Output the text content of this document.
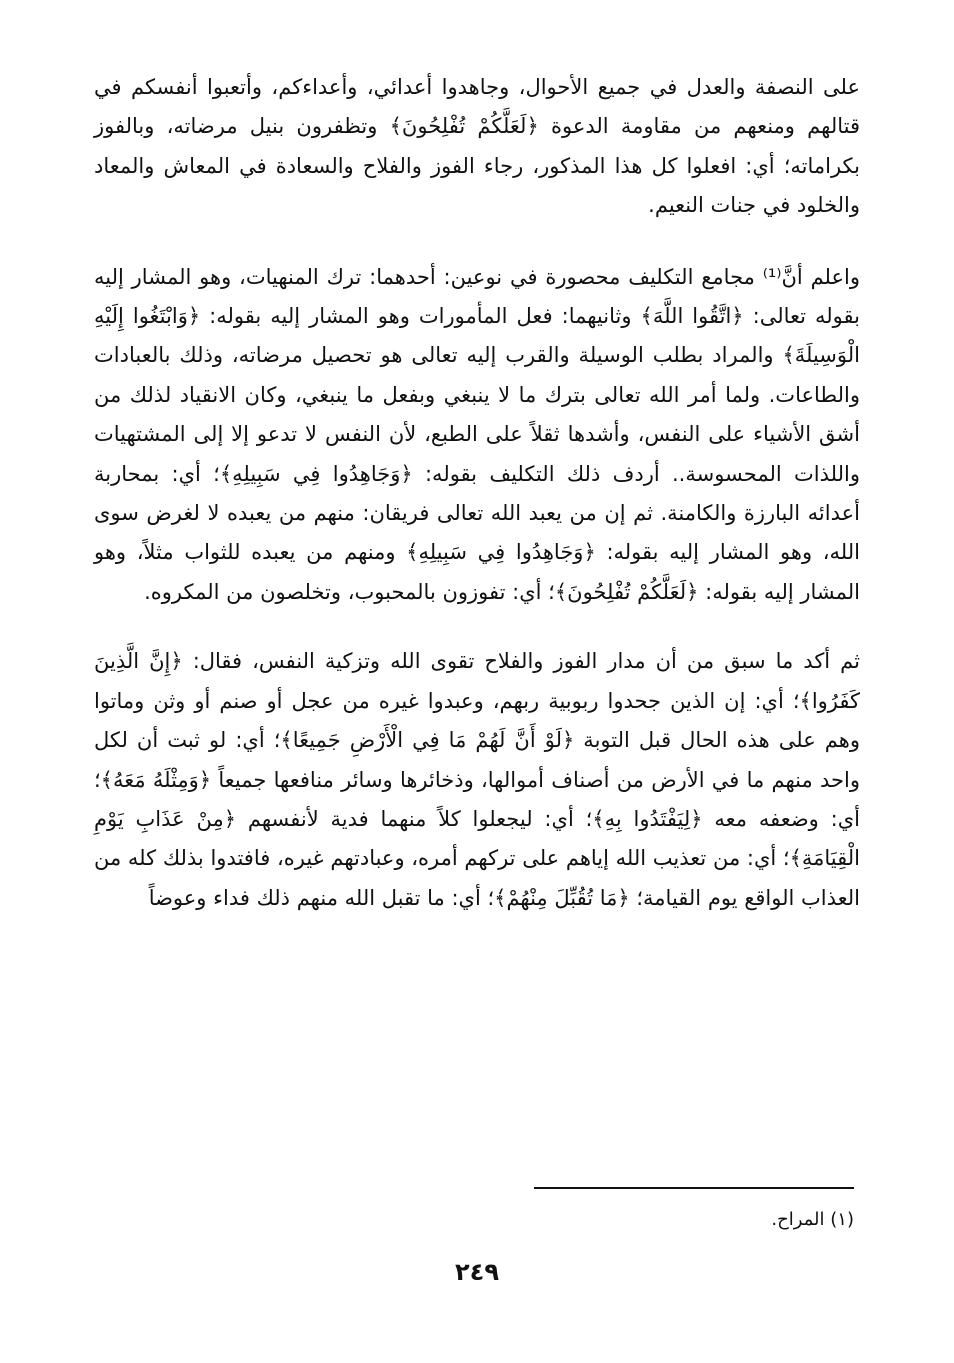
على النصفة والعدل في جميع الأحوال، وجاهدوا أعدائي، وأعداءكم، وأتعبوا أنفسكم في قتالهم ومنعهم من مقاومة الدعوة ﴿لَعَلَّكُمْ تُفْلِحُونَ﴾ وتظفرون بنيل مرضاته، وبالفوز بكراماته؛ أي: افعلوا كل هذا المذكور، رجاء الفوز والفلاح والسعادة في المعاش والمعاد والخلود في جنات النعيم.

واعلم أنَّ⁽¹⁾ مجامع التكليف محصورة في نوعين: أحدهما: ترك المنهيات، وهو المشار إليه بقوله تعالى: ﴿اتَّقُوا اللَّهَ﴾ وثانيهما: فعل المأمورات وهو المشار إليه بقوله: ﴿وَابْتَغُوا إِلَيْهِ الْوَسِيلَةَ﴾ والمراد بطلب الوسيلة والقرب إليه تعالى هو تحصيل مرضاته، وذلك بالعبادات والطاعات. ولما أمر الله تعالى بترك ما لا ينبغي وبفعل ما ينبغي، وكان الانقياد لذلك من أشق الأشياء على النفس، وأشدها ثقلاً على الطبع، لأن النفس لا تدعو إلا إلى المشتهيات واللذات المحسوسة.. أردف ذلك التكليف بقوله: ﴿وَجَاهِدُوا فِي سَبِيلِهِ﴾؛ أي: بمحاربة أعدائه البارزة والكامنة. ثم إن من يعبد الله تعالى فريقان: منهم من يعبده لا لغرض سوى الله، وهو المشار إليه بقوله: ﴿وَجَاهِدُوا فِي سَبِيلِهِ﴾ ومنهم من يعبده للثواب مثلاً، وهو المشار إليه بقوله: ﴿لَعَلَّكُمْ تُفْلِحُونَ﴾؛ أي: تفوزون بالمحبوب، وتخلصون من المكروه.

ثم أكد ما سبق من أن مدار الفوز والفلاح تقوى الله وتزكية النفس، فقال: ﴿إِنَّ الَّذِينَ كَفَرُوا﴾؛ أي: إن الذين جحدوا ربوبية ربهم، وعبدوا غيره من عجل أو صنم أو وثن وماتوا وهم على هذه الحال قبل التوبة ﴿لَوْ أَنَّ لَهُمْ مَا فِي الْأَرْضِ جَمِيعًا﴾؛ أي: لو ثبت أن لكل واحد منهم ما في الأرض من أصناف أموالها، وذخائرها وسائر منافعها جميعاً ﴿وَمِثْلَهُ مَعَهُ﴾؛ أي: وضعفه معه ﴿لِيَفْتَدُوا بِهِ﴾؛ أي: ليجعلوا كلاً منهما فدية لأنفسهم ﴿مِنْ عَذَابِ يَوْمِ الْقِيَامَةِ﴾؛ أي: من تعذيب الله إياهم على تركهم أمره، وعبادتهم غيره، فافتدوا بذلك كله من العذاب الواقع يوم القيامة؛ ﴿مَا تُقُبِّلَ مِنْهُمْ﴾؛ أي: ما تقبل الله منهم ذلك فداء وعوضاً

(١) المراح.

٢٤٩
